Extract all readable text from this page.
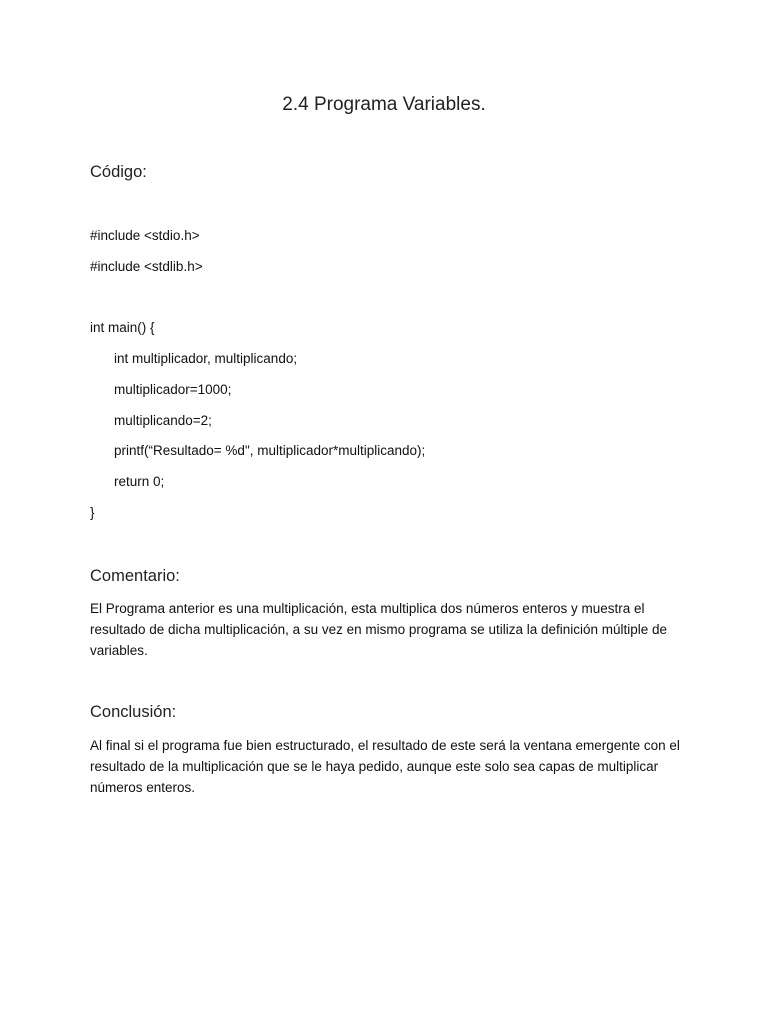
2.4 Programa Variables.
Código:
#include <stdio.h>
#include <stdlib.h>
int main() {
int multiplicador, multiplicando;
multiplicador=1000;
multiplicando=2;
printf(“Resultado= %d", multiplicador*multiplicando);
return 0;
}
Comentario:
El Programa anterior es una multiplicación, esta multiplica dos números enteros y muestra el resultado de dicha multiplicación, a su vez en mismo programa se utiliza la definición múltiple de variables.
Conclusión:
Al final si el programa fue bien estructurado, el resultado de este será la ventana emergente con el resultado de la multiplicación que se le haya pedido, aunque este solo sea capas de multiplicar números enteros.
